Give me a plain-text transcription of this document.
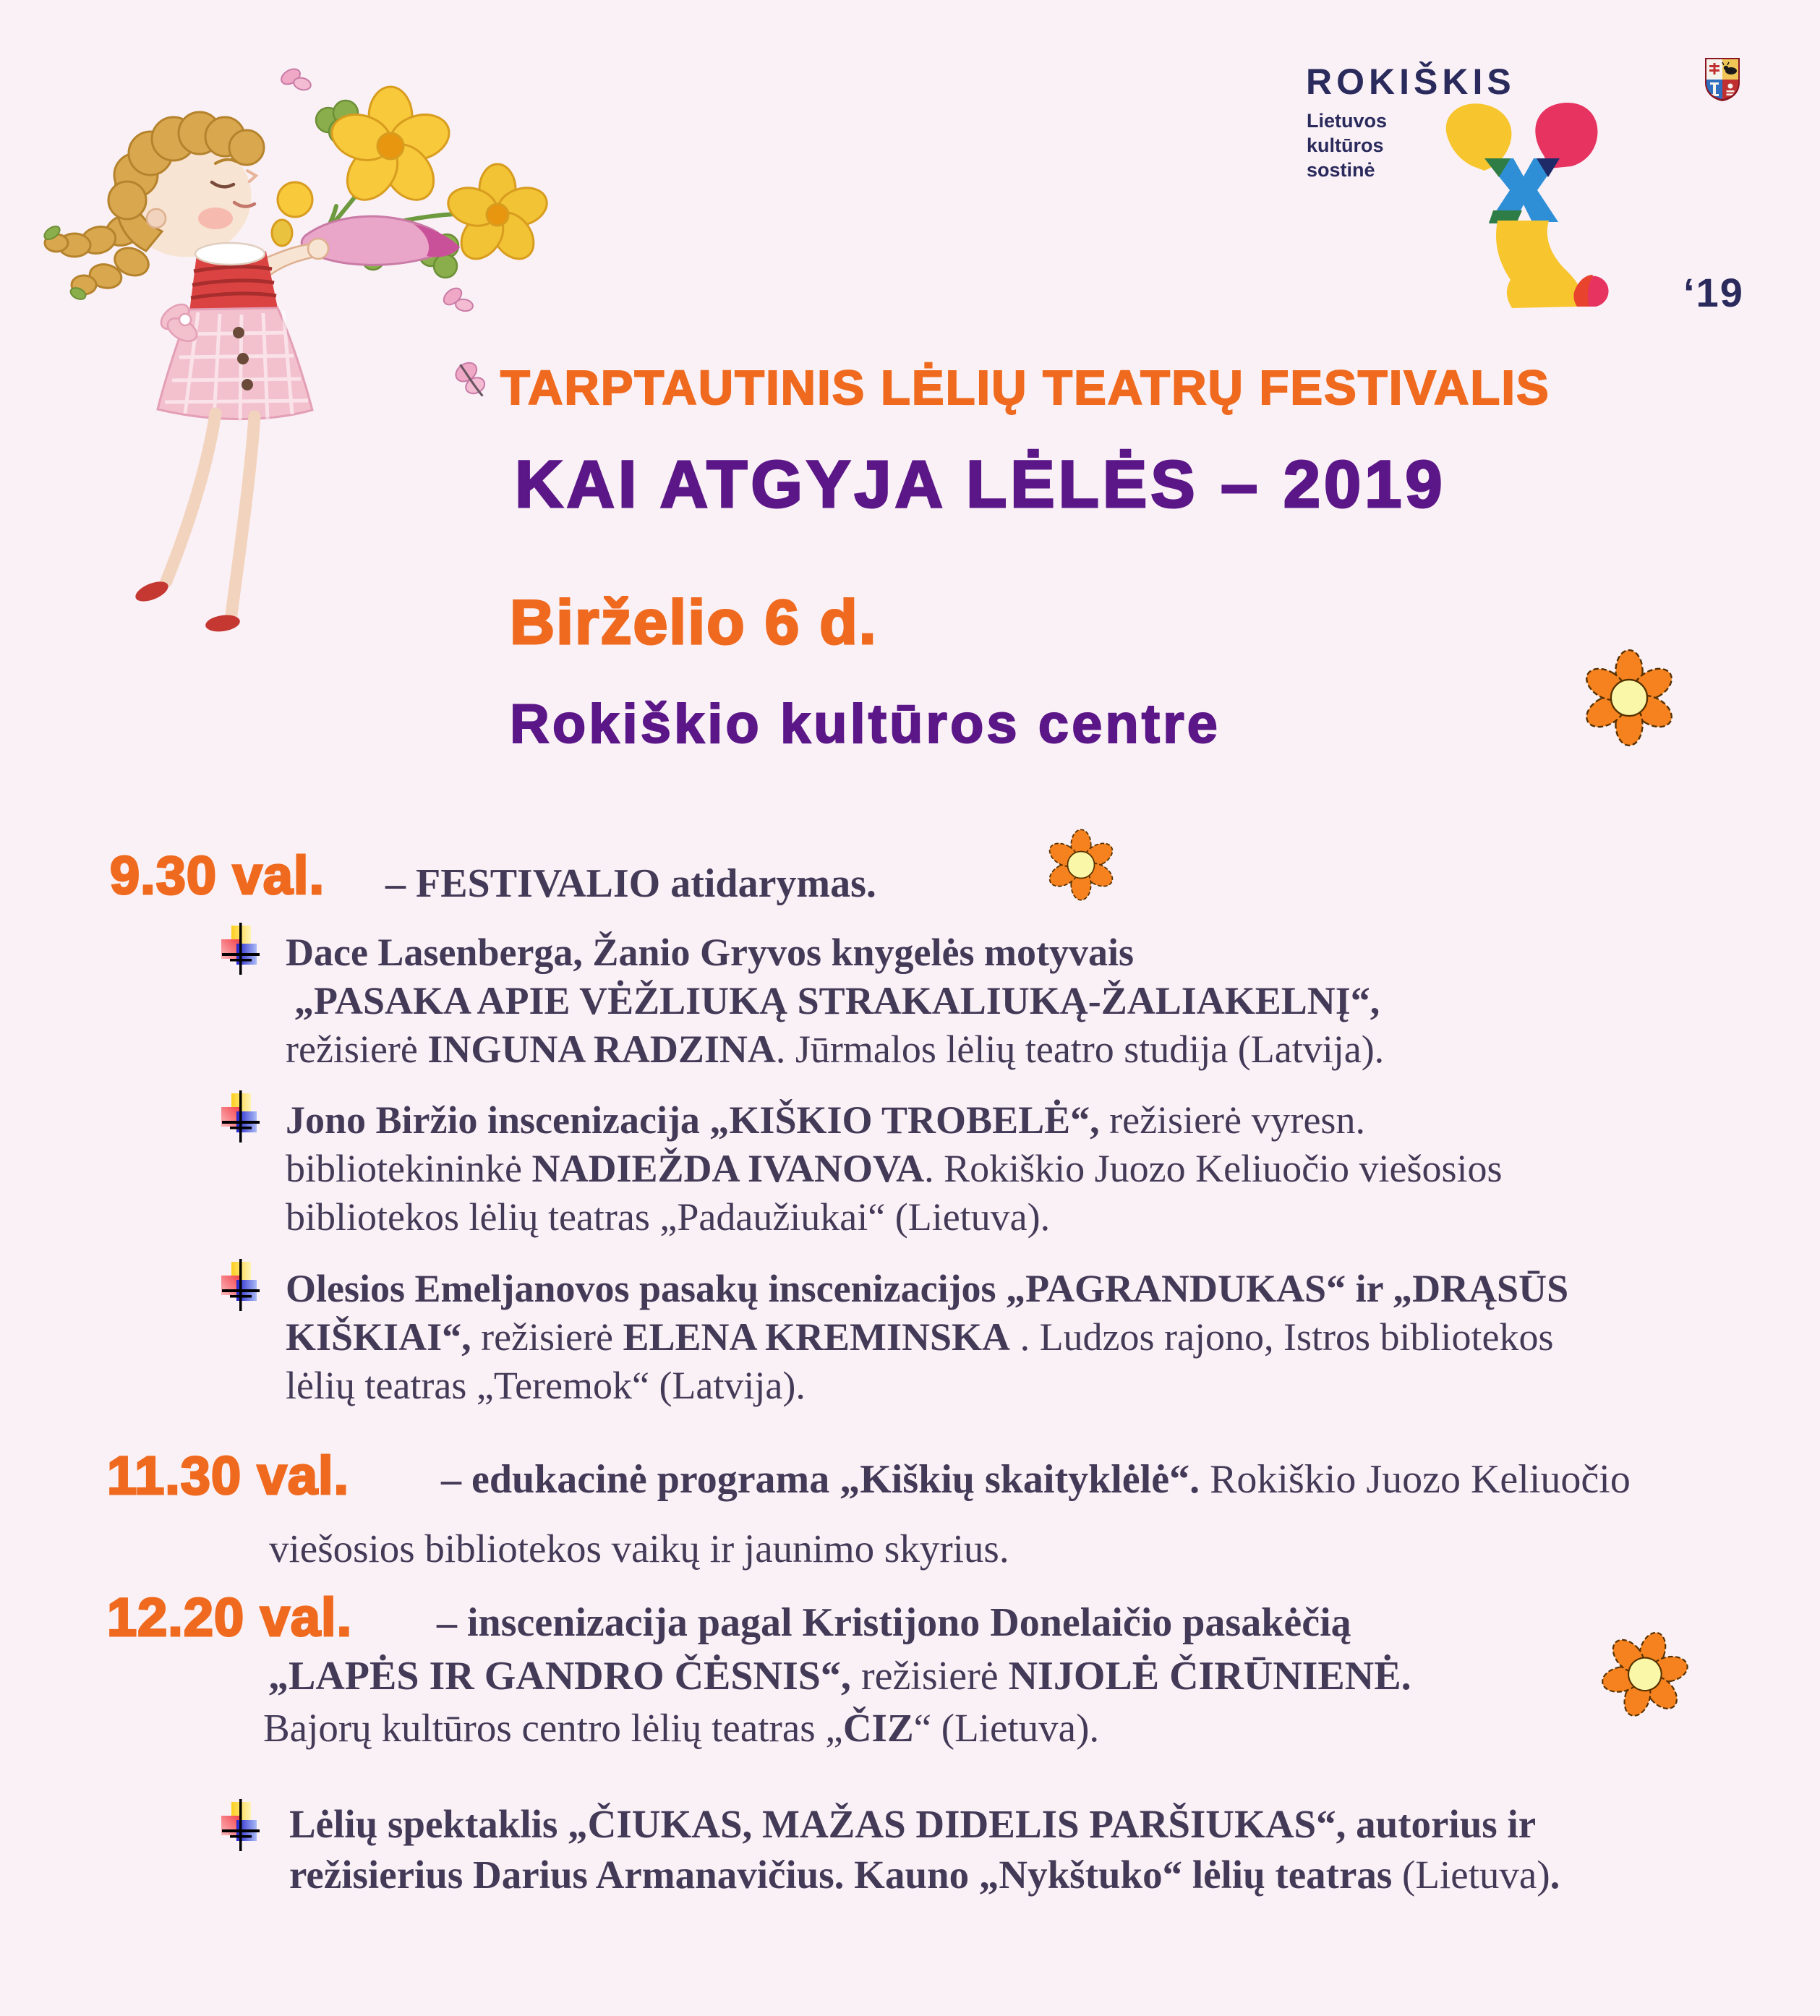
ROKIŠKIS
Lietuvos
kultūros
sostinė
‘19
TARPTAUTINIS LĖLIŲ TEATRŲ FESTIVALIS
KAI ATGYJA LĖLĖS – 2019
Birželio 6 d.
Rokiškio kultūros centre
9.30 val. – FESTIVALIO atidarymas.
Dace Lasenberga, Žanio Gryvos knygelės motyvais
„PASAKA APIE VĖŽLIUKĄ STRAKALIUKĄ-ŽALIAKELNĮ“,
režisierė INGUNA RADZINA. Jūrmalos lėlių teatro studija (Latvija).
Jono Biržio inscenizacija „KIŠKIO TROBELĖ“, režisierė vyresn.
bibliotekininkė NADIEŽDA IVANOVA. Rokiškio Juozo Keliuočio viešosios
bibliotekos lėlių teatras „Padaužiukai“ (Lietuva).
Olesios Emeljanovos pasakų inscenizacijos „PAGRANDUKAS“ ir „DRĄSŪS
KIŠKIAI“, režisierė ELENA KREMINSKA . Ludzos rajono, Istros bibliotekos
lėlių teatras „Teremok“ (Latvija).
11.30 val. – edukacinė programa „Kiškių skaityklėlė“. Rokiškio Juozo Keliuočio
viešosios bibliotekos vaikų ir jaunimo skyrius.
12.20 val. – inscenizacija pagal Kristijono Donelaičio pasakėčią
„LAPĖS IR GANDRO ČĖSNIS“, režisierė NIJOLĖ ČIRŪNIENĖ.
Bajorų kultūros centro lėlių teatras „ČIZ“ (Lietuva).
Lėlių spektaklis „ČIUKAS, MAŽAS DIDELIS PARŠIUKAS“, autorius ir
režisierius Darius Armanavičius. Kauno „Nykštuko“ lėlių teatras (Lietuva).
